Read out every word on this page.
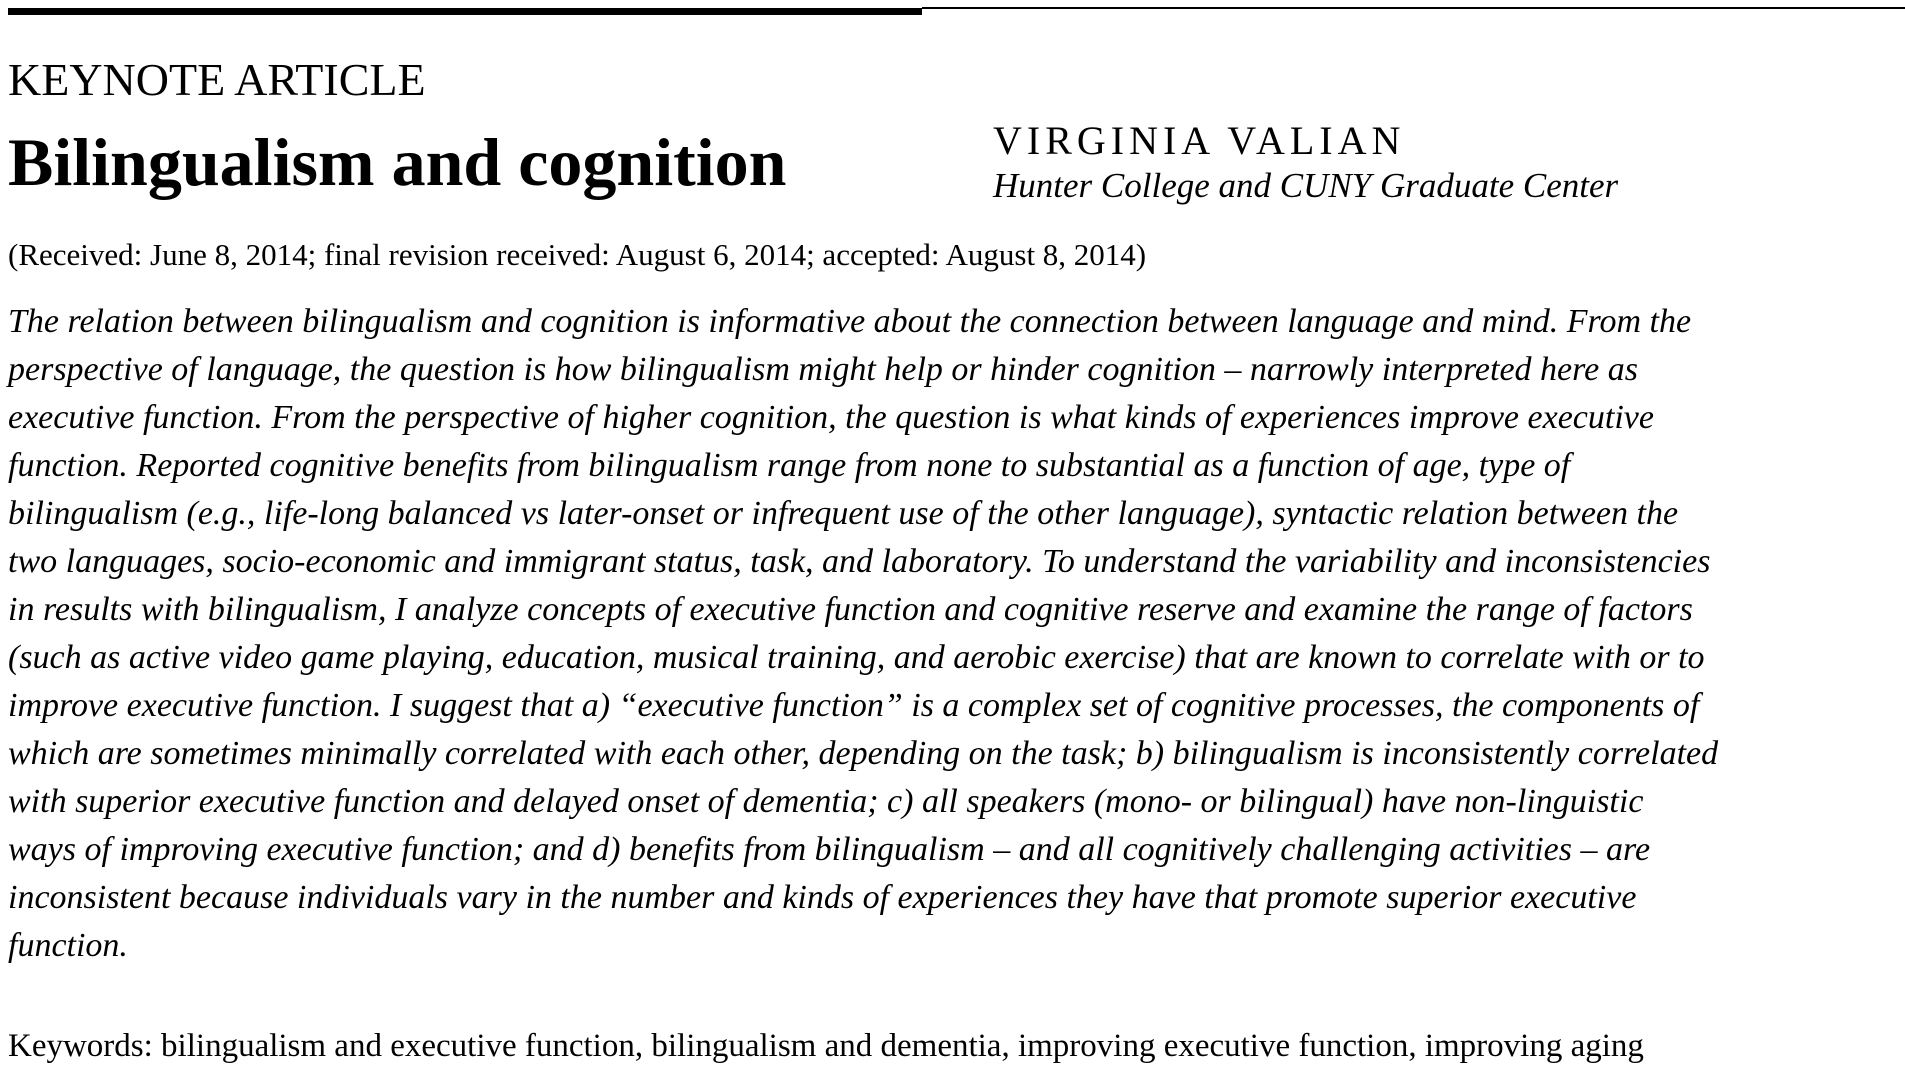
KEYNOTE ARTICLE
Bilingualism and cognition	VIRGINIA VALIAN
Hunter College and CUNY Graduate Center
(Received: June 8, 2014; final revision received: August 6, 2014; accepted: August 8, 2014)

The relation between bilingualism and cognition is informative about the connection between language and mind. From the
perspective of language, the question is how bilingualism might help or hinder cognition – narrowly interpreted here as
executive function. From the perspective of higher cognition, the question is what kinds of experiences improve executive
function. Reported cognitive benefits from bilingualism range from none to substantial as a function of age, type of
bilingualism (e.g., life-long balanced vs later-onset or infrequent use of the other language), syntactic relation between the
two languages, socio-economic and immigrant status, task, and laboratory. To understand the variability and inconsistencies
in results with bilingualism, I analyze concepts of executive function and cognitive reserve and examine the range of factors
(such as active video game playing, education, musical training, and aerobic exercise) that are known to correlate with or to
improve executive function. I suggest that a) “executive function” is a complex set of cognitive processes, the components of
which are sometimes minimally correlated with each other, depending on the task; b) bilingualism is inconsistently correlated
with superior executive function and delayed onset of dementia; c) all speakers (mono- or bilingual) have non-linguistic
ways of improving executive function; and d) benefits from bilingualism – and all cognitively challenging activities – are
inconsistent because individuals vary in the number and kinds of experiences they have that promote superior executive
function.

Keywords: bilingualism and executive function, bilingualism and dementia, improving executive function, improving aging
